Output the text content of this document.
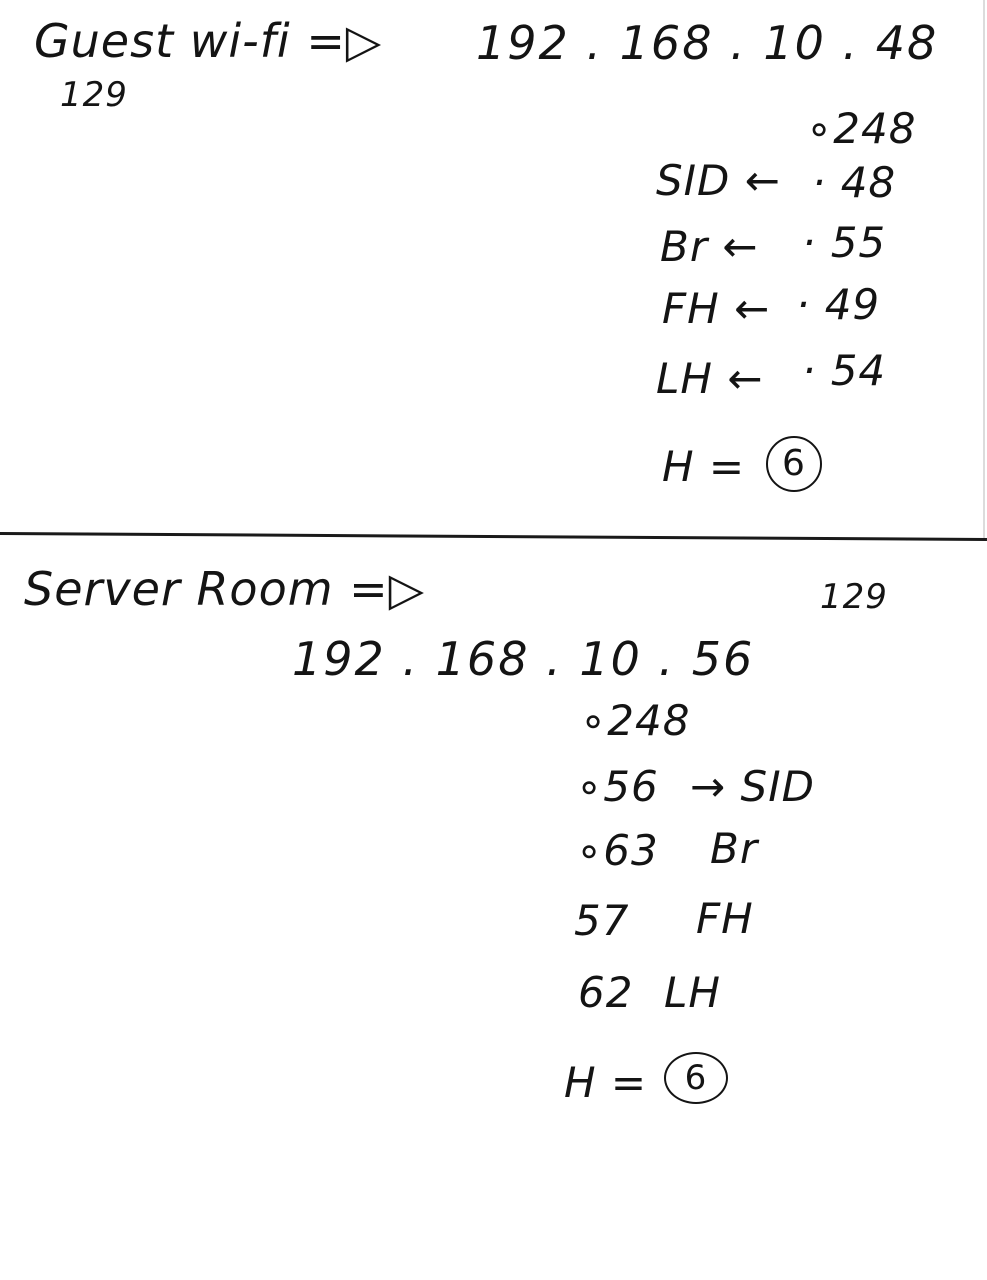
Guest wi-fi =▷ 192 . 168 . 10 . 48
129
∘248
SID ← · 48
Br ← · 55
FH ← · 49
LH ← · 54
H =	6
Server Room =▷	129
192 . 168 . 10 . 56
∘248
∘56 → SID
∘63 Br
57 FH
62 LH
H =	6
